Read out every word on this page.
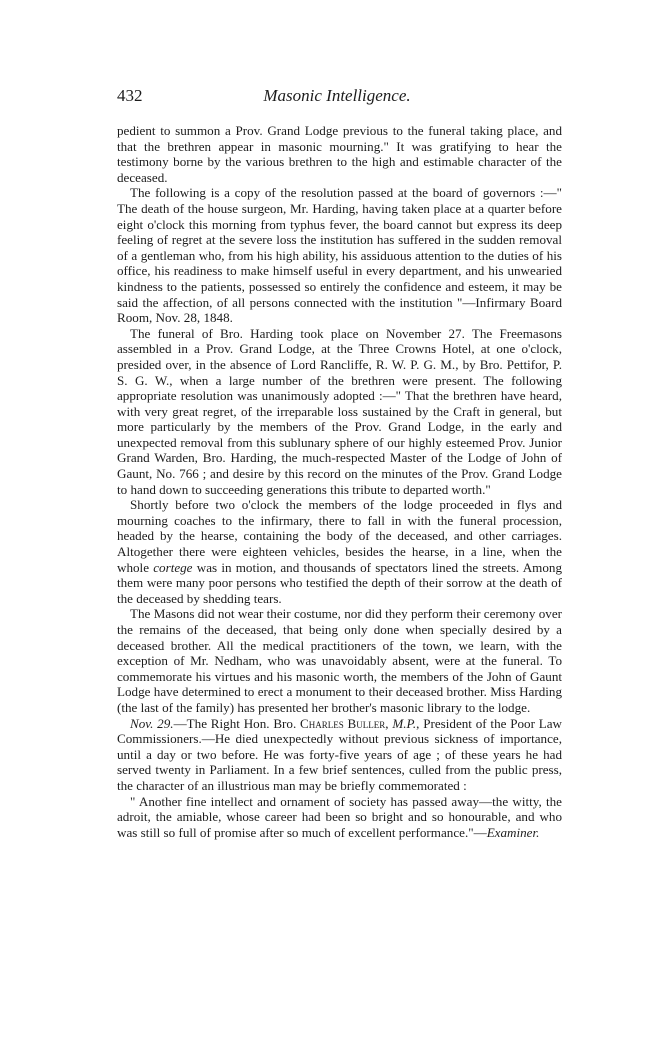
432	Masonic Intelligence.

pedient to summon a Prov. Grand Lodge previous to the funeral taking place, and that the brethren appear in masonic mourning." It was gratifying to hear the testimony borne by the various brethren to the high and estimable character of the deceased.

The following is a copy of the resolution passed at the board of governors :—" The death of the house surgeon, Mr. Harding, having taken place at a quarter before eight o'clock this morning from typhus fever, the board cannot but express its deep feeling of regret at the severe loss the institution has suffered in the sudden removal of a gentleman who, from his high ability, his assiduous attention to the duties of his office, his readiness to make himself useful in every department, and his unwearied kindness to the patients, possessed so entirely the confidence and esteem, it may be said the affection, of all persons connected with the institution "—Infirmary Board Room, Nov. 28, 1848.

The funeral of Bro. Harding took place on November 27. The Freemasons assembled in a Prov. Grand Lodge, at the Three Crowns Hotel, at one o'clock, presided over, in the absence of Lord Rancliffe, R. W. P. G. M., by Bro. Pettifor, P. S. G. W., when a large number of the brethren were present. The following appropriate resolution was unanimously adopted :—" That the brethren have heard, with very great regret, of the irreparable loss sustained by the Craft in general, but more particularly by the members of the Prov. Grand Lodge, in the early and unexpected removal from this sublunary sphere of our highly esteemed Prov. Junior Grand Warden, Bro. Harding, the much-respected Master of the Lodge of John of Gaunt, No. 766 ; and desire by this record on the minutes of the Prov. Grand Lodge to hand down to succeeding generations this tribute to departed worth."

Shortly before two o'clock the members of the lodge proceeded in flys and mourning coaches to the infirmary, there to fall in with the funeral procession, headed by the hearse, containing the body of the deceased, and other carriages. Altogether there were eighteen vehicles, besides the hearse, in a line, when the whole cortege was in motion, and thousands of spectators lined the streets. Among them were many poor persons who testified the depth of their sorrow at the death of the deceased by shedding tears.

The Masons did not wear their costume, nor did they perform their ceremony over the remains of the deceased, that being only done when specially desired by a deceased brother. All the medical practitioners of the town, we learn, with the exception of Mr. Nedham, who was unavoidably absent, were at the funeral. To commemorate his virtues and his masonic worth, the members of the John of Gaunt Lodge have determined to erect a monument to their deceased brother. Miss Harding (the last of the family) has presented her brother's masonic library to the lodge.

Nov. 29.—The Right Hon. Bro. Charles Buller, M.P., President of the Poor Law Commissioners.—He died unexpectedly without previous sickness of importance, until a day or two before. He was forty-five years of age ; of these years he had served twenty in Parliament. In a few brief sentences, culled from the public press, the character of an illustrious man may be briefly commemorated :

" Another fine intellect and ornament of society has passed away—the witty, the adroit, the amiable, whose career had been so bright and so honourable, and who was still so full of promise after so much of excellent performance."—Examiner.
